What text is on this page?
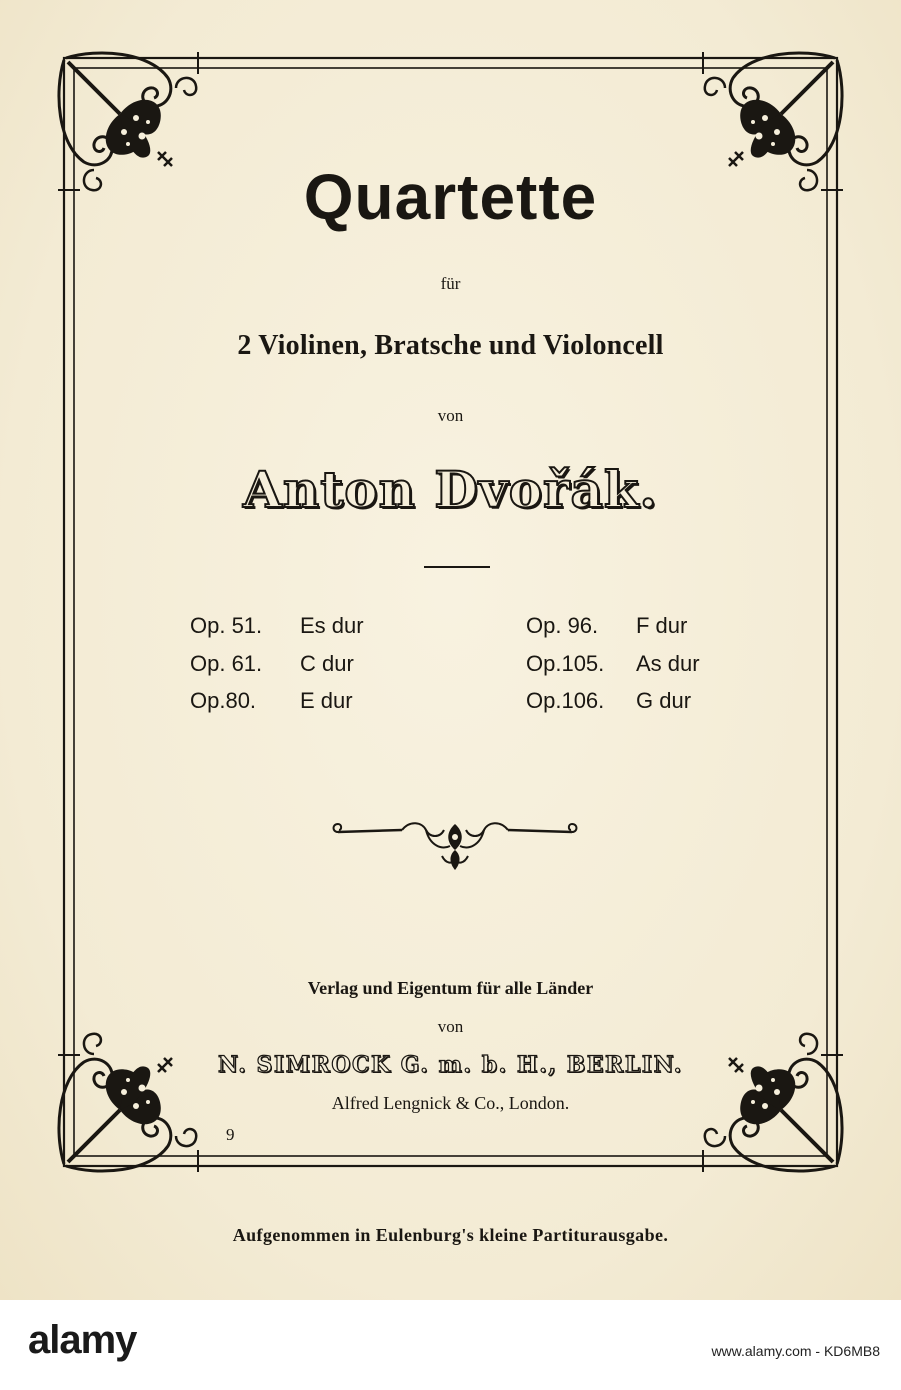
Quartette
für
2 Violinen, Bratsche und Violoncell
von
Anton Dvořák.
Op. 51. Es dur
Op. 61. C dur
Op.80. E dur
Op. 96. F dur
Op.105. As dur
Op.106. G dur
Verlag und Eigentum für alle Länder
von
N. SIMROCK G. m. b. H., BERLIN.
Alfred Lengnick & Co., London.
9
Aufgenommen in Eulenburg's kleine Partiturausgabe.
alamy	www.alamy.com - KD6MB8
